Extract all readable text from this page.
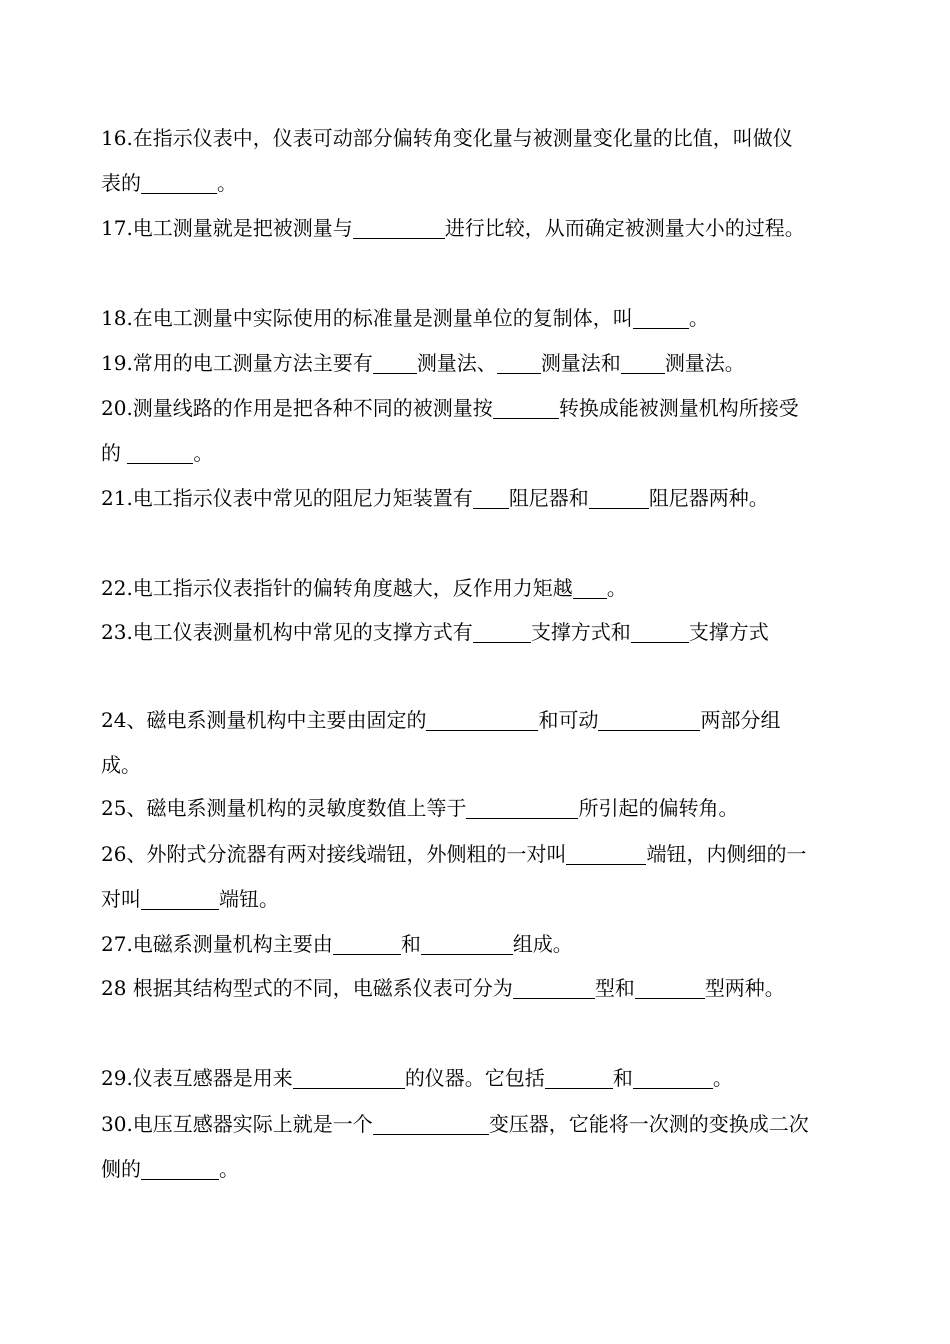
16.在指示仪表中，仪表可动部分偏转角变化量与被测量变化量的比值，叫做仪表的	。

17.电工测量就是把被测量与	进行比较，从而确定被测量大小的过程。

18.在电工测量中实际使用的标准量是测量单位的复制体，叫	。

19.常用的电工测量方法主要有 测量法、 测量法和 测量法。

20.测量线路的作用是把各种不同的被测量按	转换成能被测量机构所接受的	。

21.电工指示仪表中常见的阻尼力矩装置有 阻尼器和	阻尼器两种。

22.电工指示仪表指针的偏转角度越大，反作用力矩越 。

23.电工仪表测量机构中常见的支撑方式有	支撑方式和	支撑方式

24、磁电系测量机构中主要由固定的	和可动	两部分组成。

25、磁电系测量机构的灵敏度数值上等于	所引起的偏转角。

26、外附式分流器有两对接线端钮，外侧粗的一对叫	端钮，内侧细的一对叫	端钮。

27.电磁系测量机构主要由	和	组成。

28 根据其结构型式的不同，电磁系仪表可分为	型和	型两种。

29.仪表互感器是用来	的仪器。它包括	和	。

30.电压互感器实际上就是一个	变压器，它能将一次测的变换成二次侧的	。
